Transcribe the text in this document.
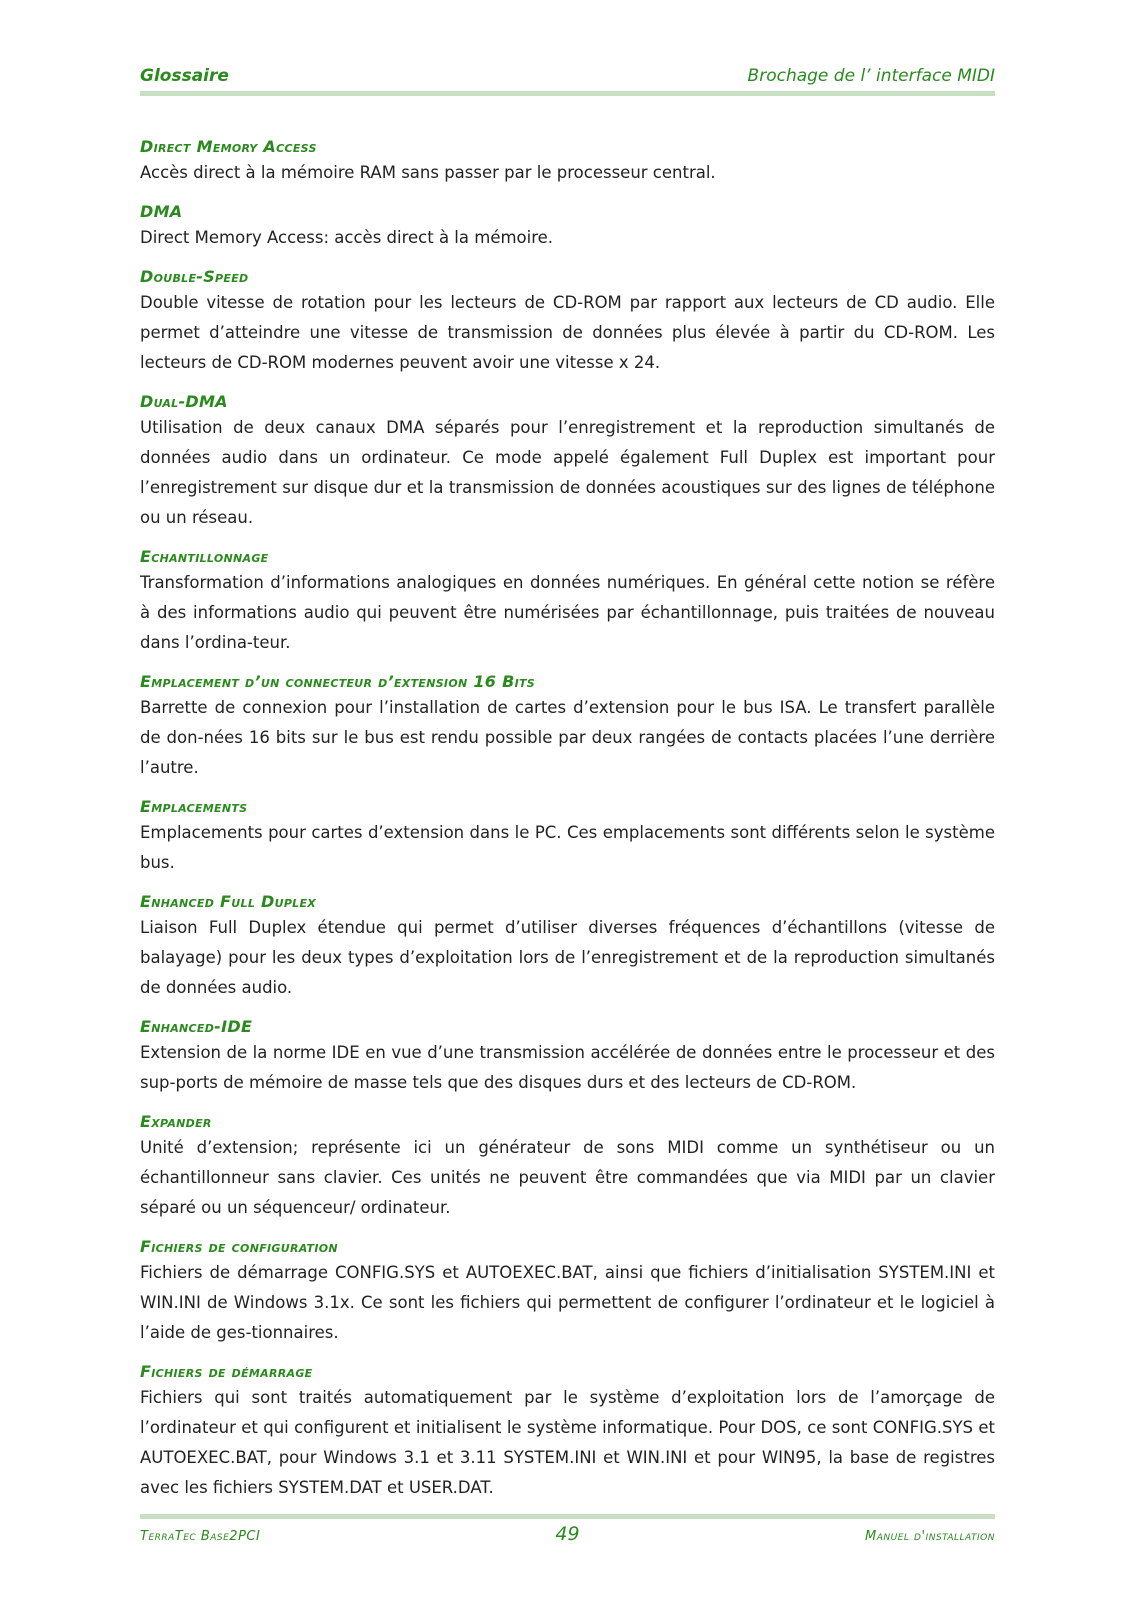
Glossaire	Brochage de l’ interface MIDI
Direct Memory Access

Accès direct à la mémoire RAM sans passer par le processeur central.

DMA

Direct Memory Access: accès direct à la mémoire.

Double-Speed

Double vitesse de rotation pour les lecteurs de CD-ROM par rapport aux lecteurs de CD audio. Elle permet d’atteindre une vitesse de transmission de données plus élevée à partir du CD-ROM. Les lecteurs de CD-ROM modernes peuvent avoir une vitesse x 24.

Dual-DMA

Utilisation de deux canaux DMA séparés pour l’enregistrement et la reproduction simultanés de données audio dans un ordinateur. Ce mode appelé également Full Duplex est important pour l’enregistrement sur disque dur et la transmission de données acoustiques sur des lignes de téléphone ou un réseau.

Echantillonnage

Transformation d’informations analogiques en données numériques. En général cette notion se réfère à des informations audio qui peuvent être numérisées par échantillonnage, puis traitées de nouveau dans l’ordina-teur.

Emplacement d’un connecteur d’extension 16 Bits

Barrette de connexion pour l’installation de cartes d’extension pour le bus ISA. Le transfert parallèle de don-nées 16 bits sur le bus est rendu possible par deux rangées de contacts placées l’une derrière l’autre.

Emplacements

Emplacements pour cartes d’extension dans le PC. Ces emplacements sont différents selon le système bus.

Enhanced Full Duplex

Liaison Full Duplex étendue qui permet d’utiliser diverses fréquences d’échantillons (vitesse de balayage) pour les deux types d’exploitation lors de l’enregistrement et de la reproduction simultanés de données audio.

Enhanced-IDE

Extension de la norme IDE en vue d’une transmission accélérée de données entre le processeur et des sup-ports de mémoire de masse tels que des disques durs et des lecteurs de CD-ROM.

Expander

Unité d’extension; représente ici un générateur de sons MIDI comme un synthétiseur ou un échantillonneur sans clavier. Ces unités ne peuvent être commandées que via MIDI par un clavier séparé ou un séquenceur/ ordinateur.

Fichiers de configuration

Fichiers de démarrage CONFIG.SYS et AUTOEXEC.BAT, ainsi que fichiers d’initialisation SYSTEM.INI et WIN.INI de Windows 3.1x. Ce sont les fichiers qui permettent de configurer l’ordinateur et le logiciel à l’aide de ges-tionnaires.

Fichiers de démarrage

Fichiers qui sont traités automatiquement par le système d’exploitation lors de l’amorçage de l’ordinateur et qui configurent et initialisent le système informatique. Pour DOS, ce sont CONFIG.SYS et AUTOEXEC.BAT, pour Windows 3.1 et 3.11 SYSTEM.INI et WIN.INI et pour WIN95, la base de registres avec les fichiers SYSTEM.DAT et USER.DAT.

TerraTec Base2PCI	49	Manuel d'installation
